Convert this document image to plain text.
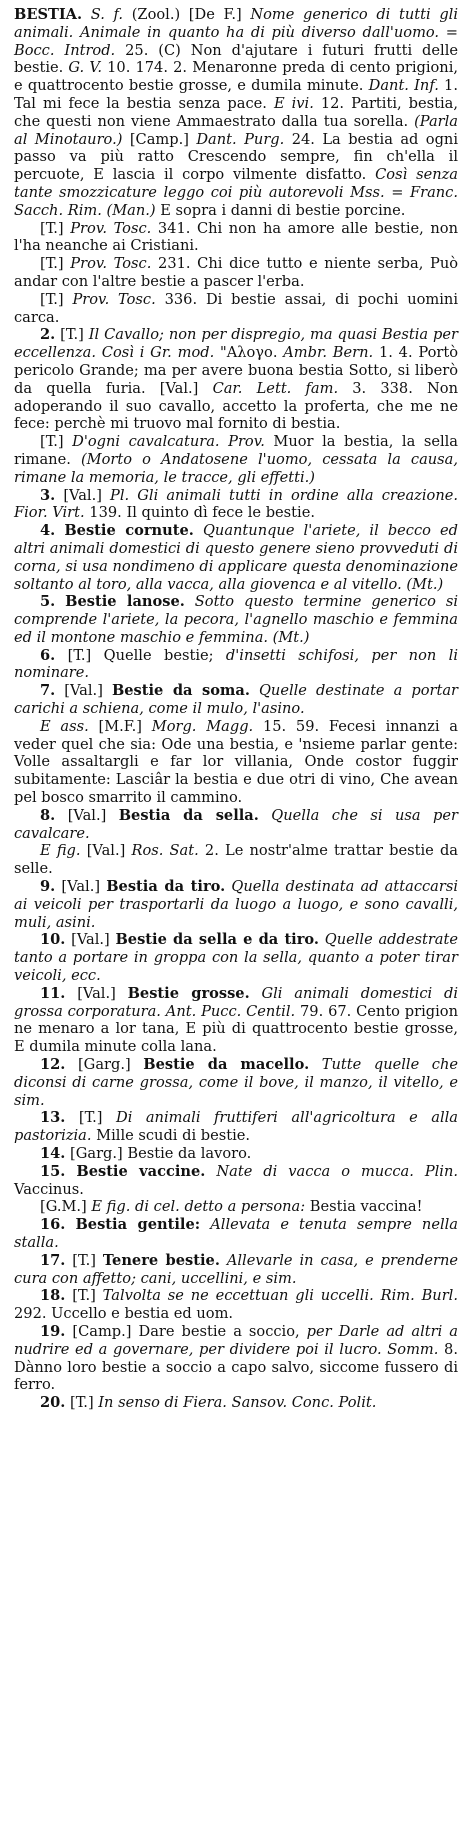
BESTIA. S. f. (Zool.) [De F.] Nome generico di tutti gli animali. Animale in quanto ha di più diverso dall'uomo. = Bocc. Introd. 25. (C) Non d'ajutare i futuri frutti delle bestie. G. V. 10. 174. 2. Menaronne preda di cento prigioni, e quattrocento bestie grosse, e dumila minute. Dant. Inf. 1. Tal mi fece la bestia senza pace. E ivi. 12. Partiti, bestia, che questi non viene Ammaestrato dalla tua sorella. (Parla al Minotauro.) [Camp.] Dant. Purg. 24. La bestia ad ogni passo va più ratto Crescendo sempre, fin ch'ella il percuote, E lascia il corpo vilmente disfatto. Così senza tante smozzicature leggo coi più autorevoli Mss. = Franc. Sacch. Rim. (Man.) E sopra i danni di bestie porcine.

[T.] Prov. Tosc. 341. Chi non ha amore alle bestie, non l'ha neanche ai Cristiani.

[T.] Prov. Tosc. 231. Chi dice tutto e niente serba, Può andar con l'altre bestie a pascer l'erba.

[T.] Prov. Tosc. 336. Di bestie assai, di pochi uomini carca.

2. [T.] Il Cavallo; non per dispregio, ma quasi Bestia per eccellenza. Così i Gr. mod. "Αλογο. Ambr. Bern. 1. 4. Portò pericolo Grande; ma per avere buona bestia Sotto, si liberò da quella furia. [Val.] Car. Lett. fam. 3. 338. Non adoperando il suo cavallo, accetto la proferta, che me ne fece: perchè mi truovo mal fornito di bestia.

[T.] D'ogni cavalcatura. Prov. Muor la bestia, la sella rimane. (Morto o Andatosene l'uomo, cessata la causa, rimane la memoria, le tracce, gli effetti.)

3. [Val.] Pl. Gli animali tutti in ordine alla creazione. Fior. Virt. 139. Il quinto dì fece le bestie.

4. Bestie cornute. Quantunque l'ariete, il becco ed altri animali domestici di questo genere sieno provveduti di corna, si usa nondimeno di applicare questa denominazione soltanto al toro, alla vacca, alla giovenca e al vitello. (Mt.)

5. Bestie lanose. Sotto questo termine generico si comprende l'ariete, la pecora, l'agnello maschio e femmina ed il montone maschio e femmina. (Mt.)

6. [T.] Quelle bestie; d'insetti schifosi, per non li nominare.

7. [Val.] Bestie da soma. Quelle destinate a portar carichi a schiena, come il mulo, l'asino.

E ass. [M.F.] Morg. Magg. 15. 59. Fecesi innanzi a veder quel che sia: Ode una bestia, e 'nsieme parlar gente: Volle assaltargli e far lor villania, Onde costor fuggir subitamente: Lasciâr la bestia e due otri di vino, Che avean pel bosco smarrito il cammino.

8. [Val.] Bestia da sella. Quella che si usa per cavalcare.

E fig. [Val.] Ros. Sat. 2. Le nostr'alme trattar bestie da selle.

9. [Val.] Bestia da tiro. Quella destinata ad attaccarsi ai veicoli per trasportarli da luogo a luogo, e sono cavalli, muli, asini.

10. [Val.] Bestie da sella e da tiro. Quelle addestrate tanto a portare in groppa con la sella, quanto a poter tirar veicoli, ecc.

11. [Val.] Bestie grosse. Gli animali domestici di grossa corporatura. Ant. Pucc. Centil. 79. 67. Cento prigion ne menaro a lor tana, E più di quattrocento bestie grosse, E dumila minute colla lana.

12. [Garg.] Bestie da macello. Tutte quelle che diconsi di carne grossa, come il bove, il manzo, il vitello, e sim.

13. [T.] Di animali fruttiferi all'agricoltura e alla pastorizia. Mille scudi di bestie.

14. [Garg.] Bestie da lavoro.

15. Bestie vaccine. Nate di vacca o mucca. Plin. Vaccinus.

[G.M.] E fig. di cel. detto a persona: Bestia vaccina!

16. Bestia gentile: Allevata e tenuta sempre nella stalla.

17. [T.] Tenere bestie. Allevarle in casa, e prenderne cura con affetto; cani, uccellini, e sim.

18. [T.] Talvolta se ne eccettuan gli uccelli. Rim. Burl. 292. Uccello e bestia ed uom.

19. [Camp.] Dare bestie a soccio, per Darle ad altri a nudrire ed a governare, per dividere poi il lucro. Somm. 8. Dànno loro bestie a soccio a capo salvo, siccome fussero di ferro.

20. [T.] In senso di Fiera. Sansov. Conc. Polit.
